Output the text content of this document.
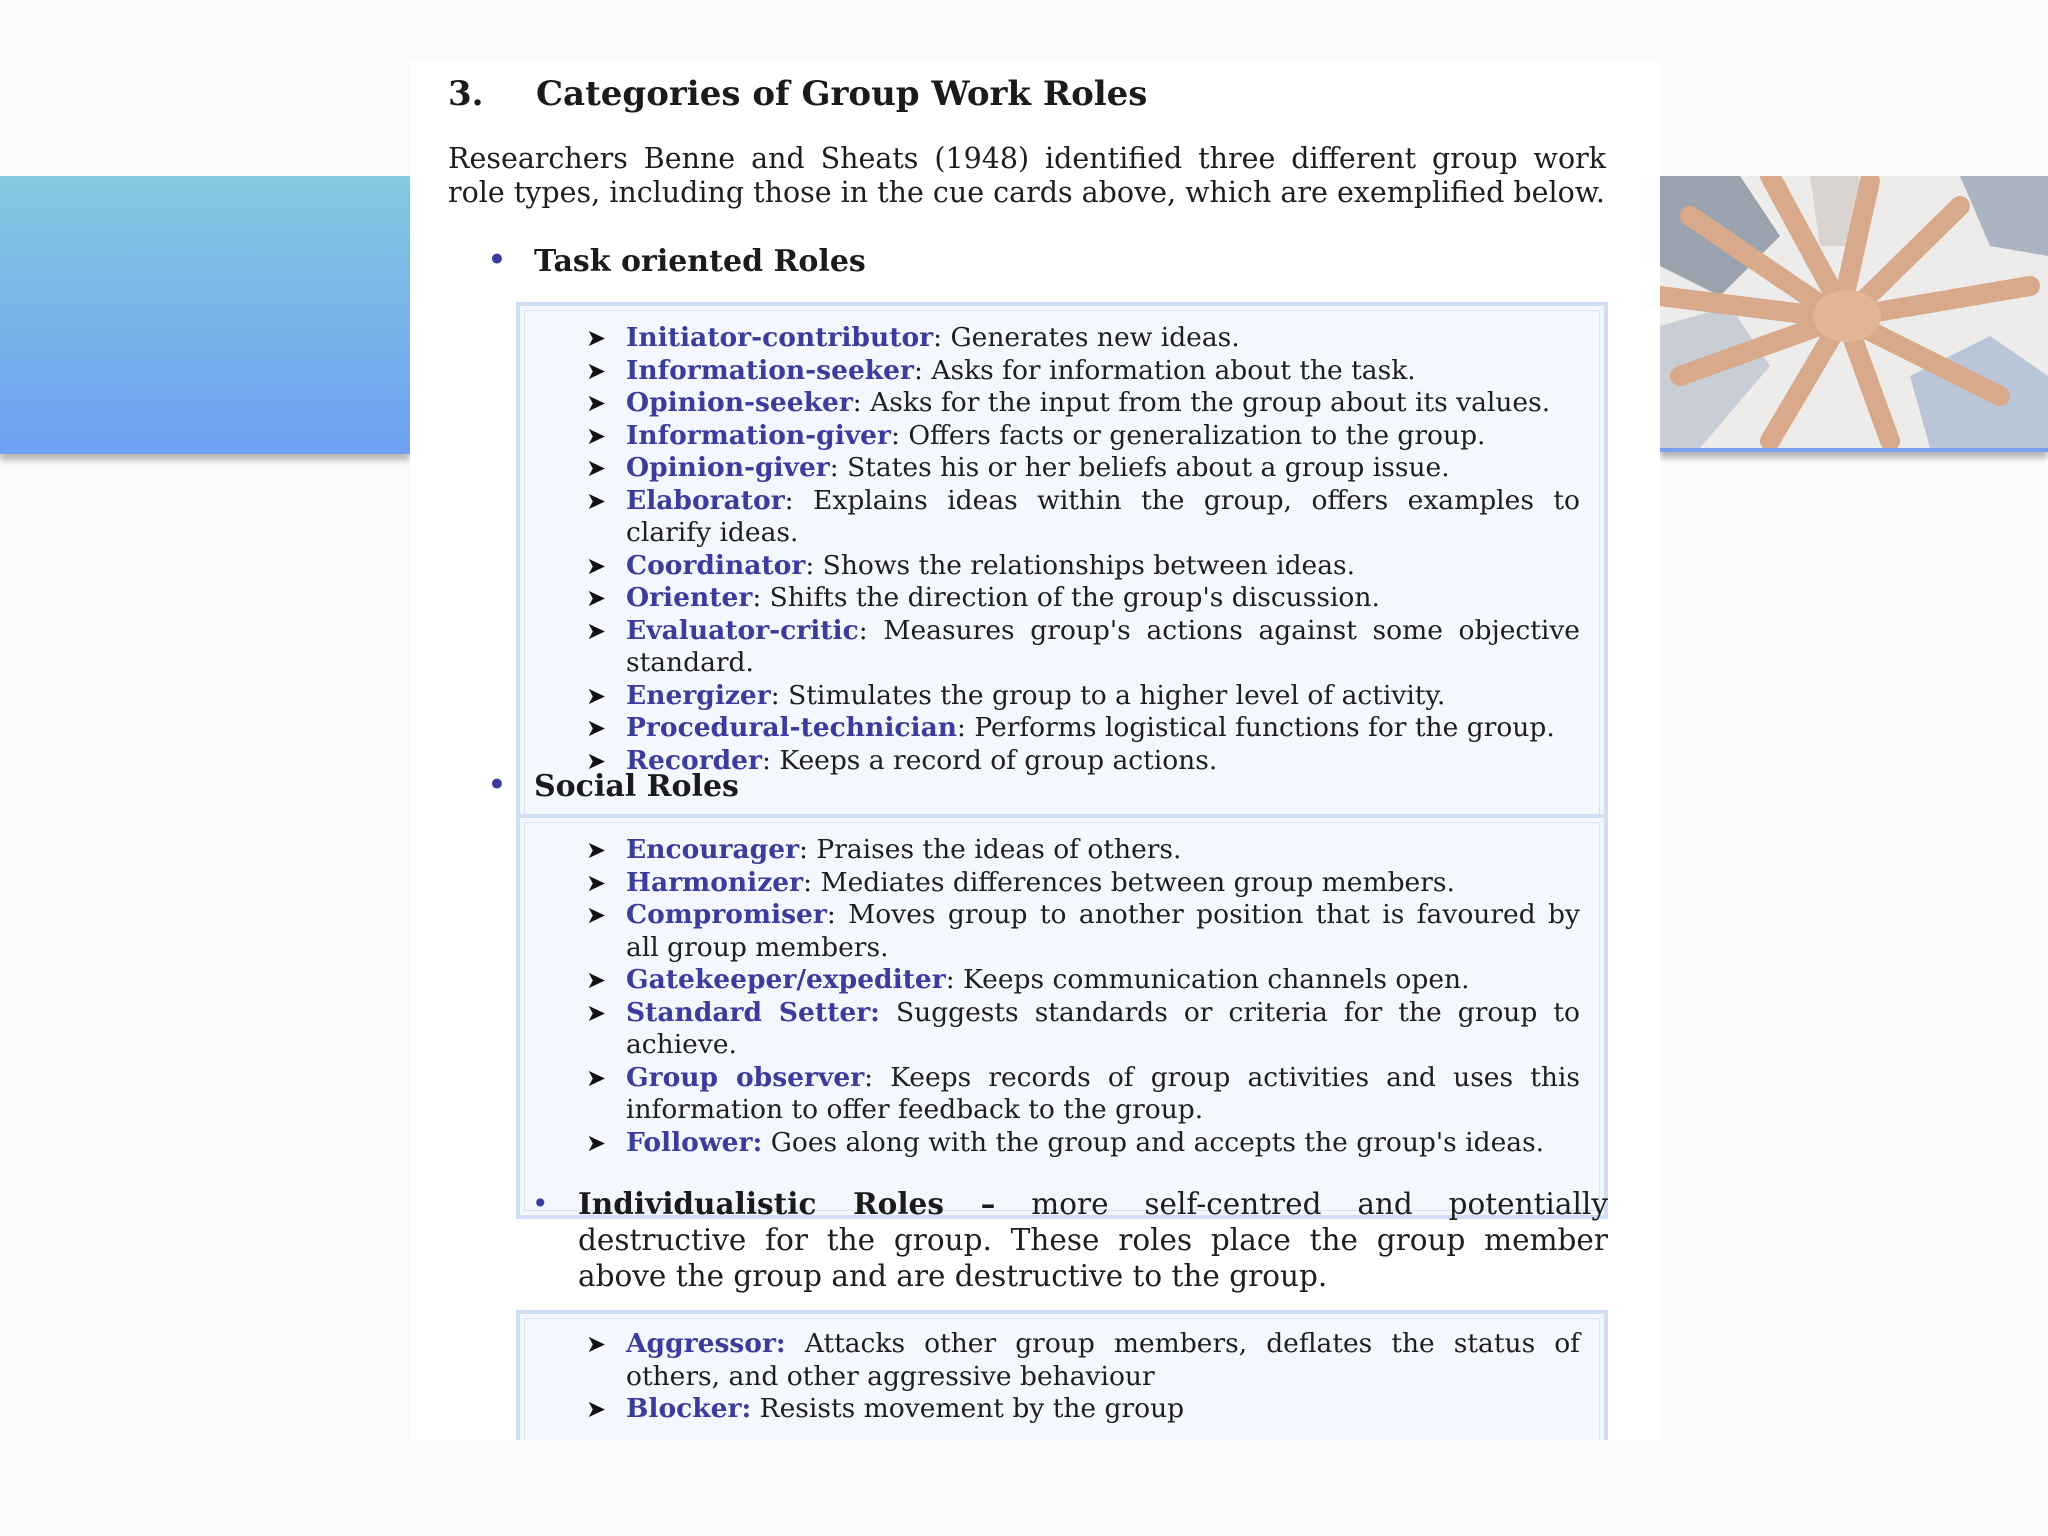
3. Categories of Group Work Roles
Researchers Benne and Sheats (1948) identified three different group work role types, including those in the cue cards above, which are exemplified below.
• Task oriented Roles
➤ Initiator-contributor: Generates new ideas.
➤ Information-seeker: Asks for information about the task.
➤ Opinion-seeker: Asks for the input from the group about its values.
➤ Information-giver: Offers facts or generalization to the group.
➤ Opinion-giver: States his or her beliefs about a group issue.
➤ Elaborator: Explains ideas within the group, offers examples to clarify ideas.
➤ Coordinator: Shows the relationships between ideas.
➤ Orienter: Shifts the direction of the group's discussion.
➤ Evaluator-critic: Measures group's actions against some objective standard.
➤ Energizer: Stimulates the group to a higher level of activity.
➤ Procedural-technician: Performs logistical functions for the group.
➤ Recorder: Keeps a record of group actions.
• Social Roles
➤ Encourager: Praises the ideas of others.
➤ Harmonizer: Mediates differences between group members.
➤ Compromiser: Moves group to another position that is favoured by all group members.
➤ Gatekeeper/expediter: Keeps communication channels open.
➤ Standard Setter: Suggests standards or criteria for the group to achieve.
➤ Group observer: Keeps records of group activities and uses this information to offer feedback to the group.
➤ Follower: Goes along with the group and accepts the group's ideas.
• Individualistic Roles – more self-centred and potentially destructive for the group. These roles place the group member above the group and are destructive to the group.
➤ Aggressor: Attacks other group members, deflates the status of others, and other aggressive behaviour
➤ Blocker: Resists movement by the group
